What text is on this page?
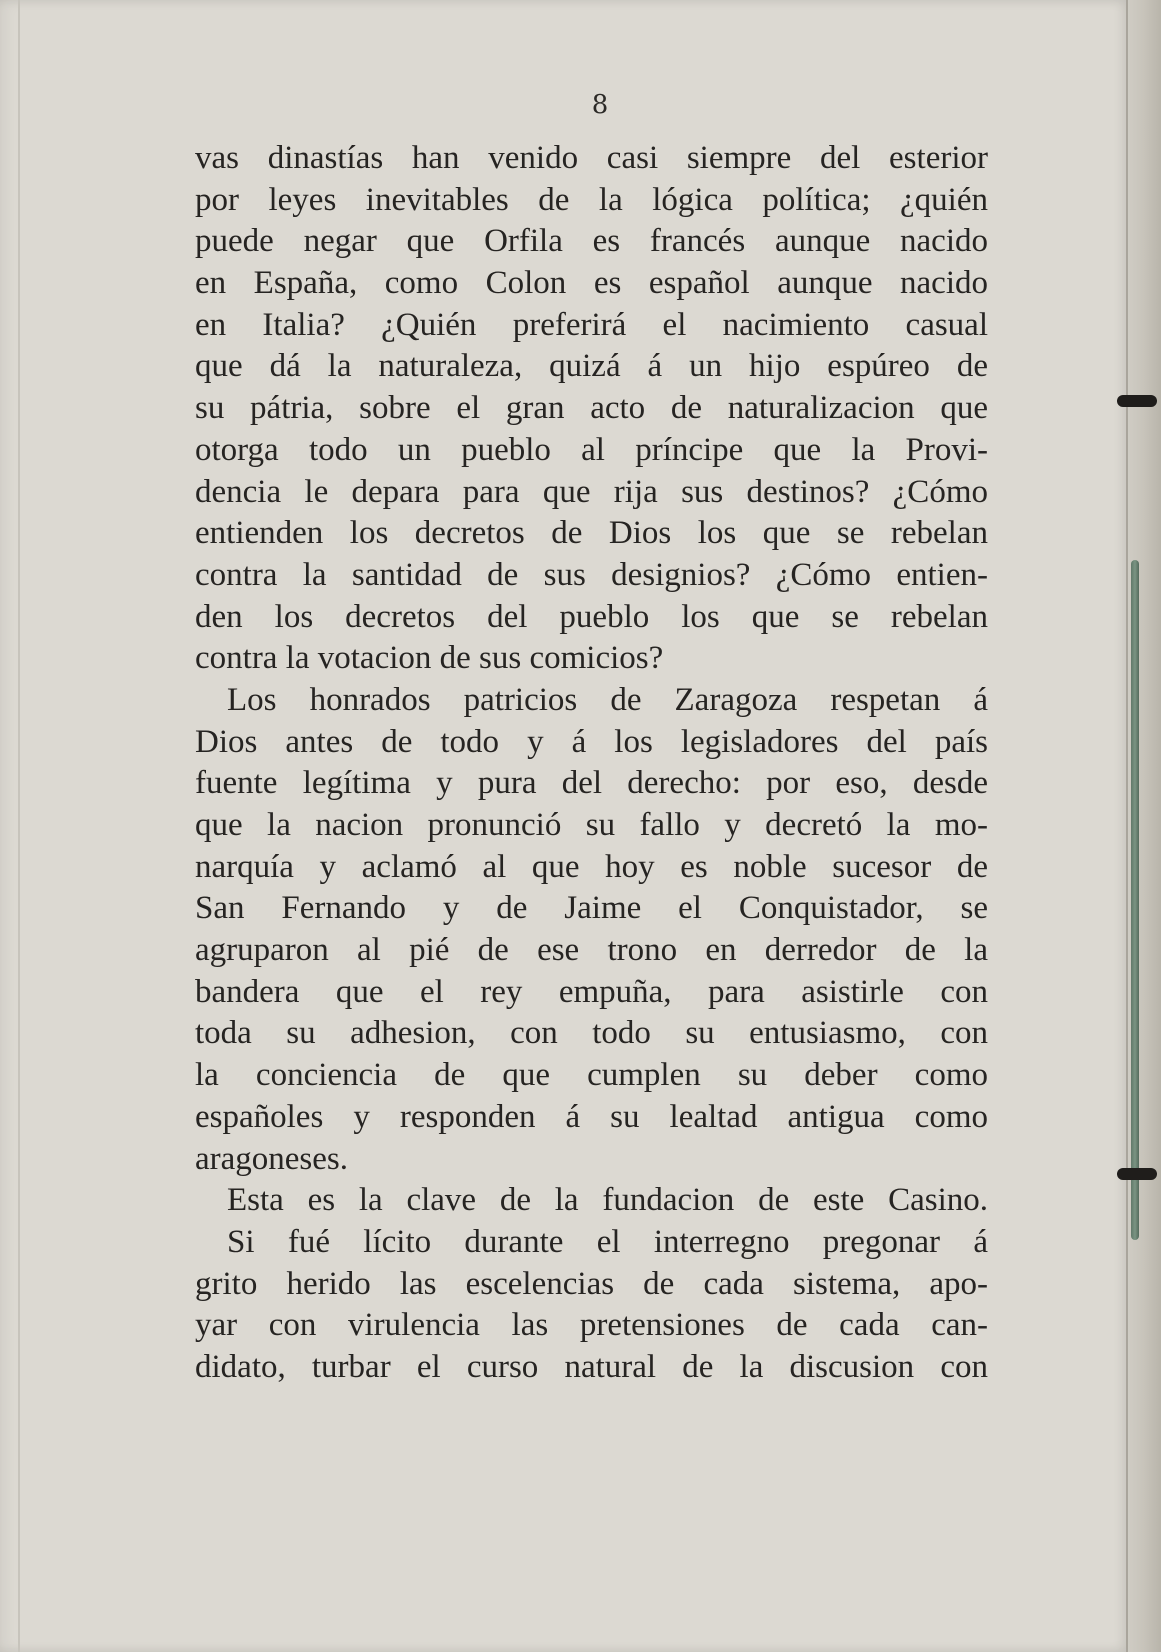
8
vas dinastías han venido casi siempre del esterior
por leyes inevitables de la lógica política; ¿quién
puede negar que Orfila es francés aunque nacido
en España, como Colon es español aunque nacido
en Italia? ¿Quién preferirá el nacimiento casual
que dá la naturaleza, quizá á un hijo espúreo de
su pátria, sobre el gran acto de naturalizacion que
otorga todo un pueblo al príncipe que la Provi-
dencia le depara para que rija sus destinos? ¿Cómo
entienden los decretos de Dios los que se rebelan
contra la santidad de sus designios? ¿Cómo entien-
den los decretos del pueblo los que se rebelan
contra la votacion de sus comicios?
Los honrados patricios de Zaragoza respetan á
Dios antes de todo y á los legisladores del país
fuente legítima y pura del derecho: por eso, desde
que la nacion pronunció su fallo y decretó la mo-
narquía y aclamó al que hoy es noble sucesor de
San Fernando y de Jaime el Conquistador, se
agruparon al pié de ese trono en derredor de la
bandera que el rey empuña, para asistirle con
toda su adhesion, con todo su entusiasmo, con
la conciencia de que cumplen su deber como
españoles y responden á su lealtad antigua como
aragoneses.
Esta es la clave de la fundacion de este Casino.
Si fué lícito durante el interregno pregonar á
grito herido las escelencias de cada sistema, apo-
yar con virulencia las pretensiones de cada can-
didato, turbar el curso natural de la discusion con
